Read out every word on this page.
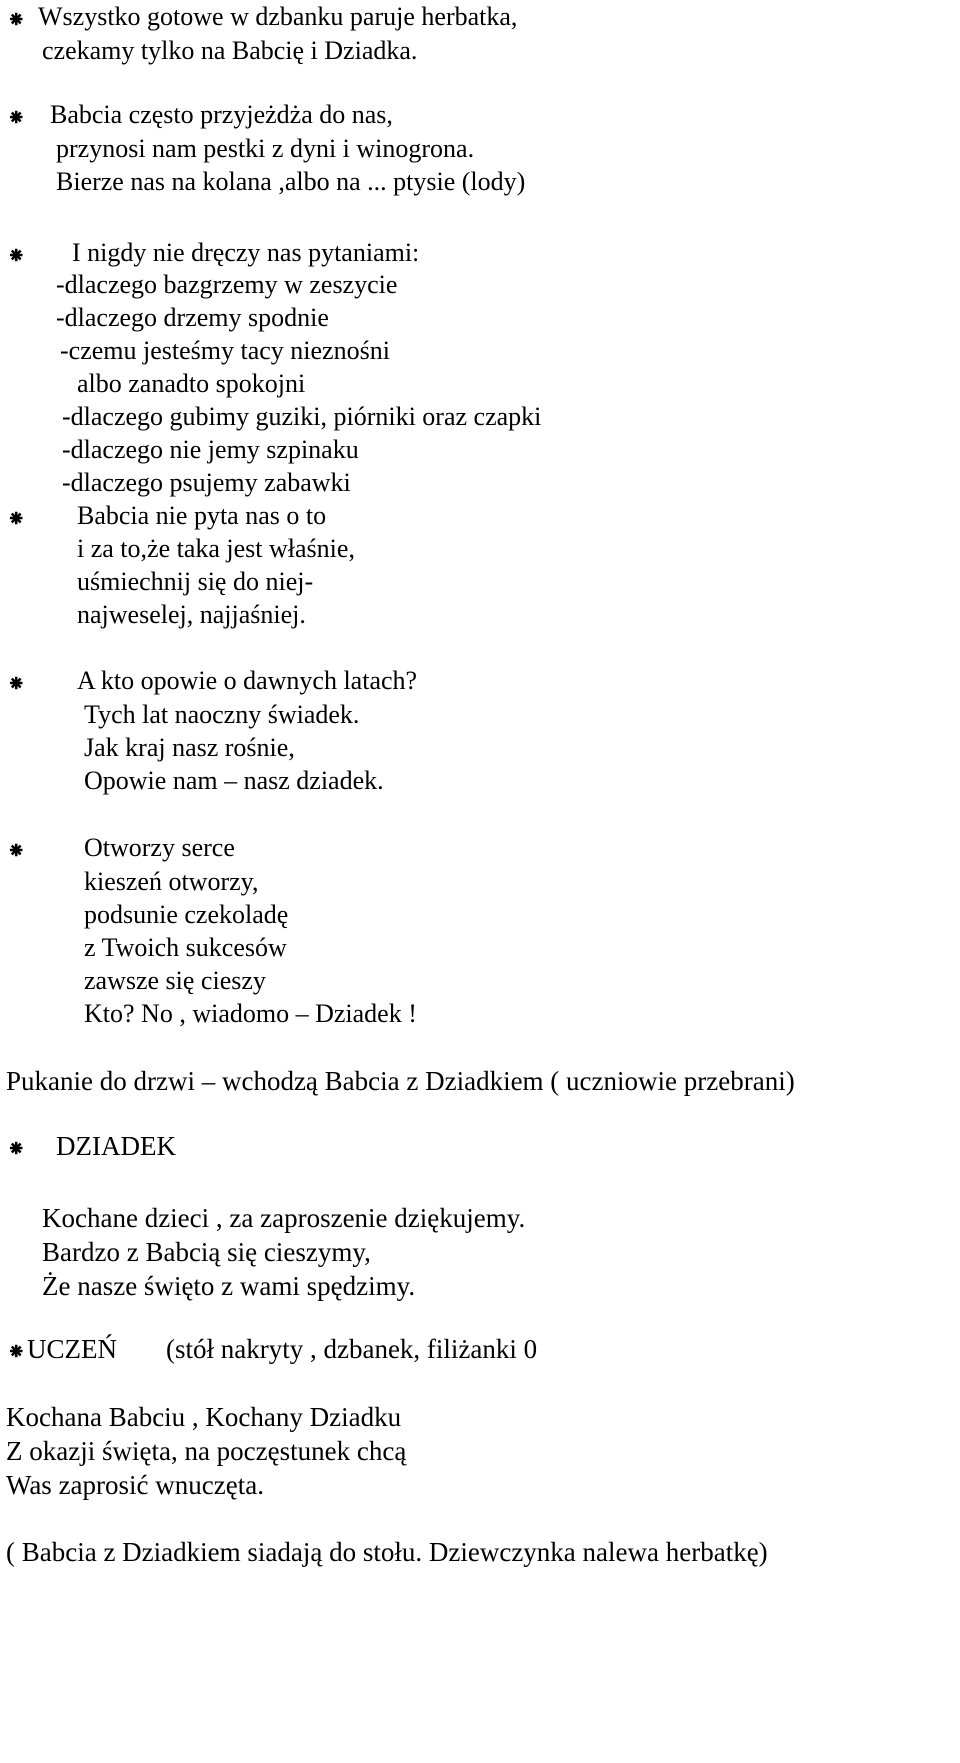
⁕ Wszystko gotowe w dzbanku paruje herbatka,
czekamy tylko na Babcię i Dziadka.
⁕ Babcia często przyjeżdża do nas,
przynosi nam pestki z dyni i winogrona.
Bierze nas na kolana ,albo na ... ptysie (lody)
⁕ I nigdy nie dręczy nas pytaniami:
-dlaczego bazgrzemy w zeszycie
-dlaczego drzemy spodnie
-czemu jesteśmy tacy nieznośni
albo zanadto spokojni
-dlaczego gubimy guziki, piórniki oraz czapki
-dlaczego nie jemy szpinaku
-dlaczego psujemy zabawki
⁕ Babcia nie pyta nas o to
i za to,że taka jest właśnie,
uśmiechnij się do niej-
najweselej, najjaśniej.
⁕ A kto opowie o dawnych latach?
Tych lat naoczny świadek.
Jak kraj nasz rośnie,
Opowie nam – nasz dziadek.
⁕ Otworzy serce
kieszeń otworzy,
podsunie czekoladę
z Twoich sukcesów
zawsze się cieszy
Kto? No , wiadomo – Dziadek !
Pukanie do drzwi – wchodzą Babcia z Dziadkiem ( uczniowie przebrani)
⁕ DZIADEK
Kochane dzieci , za zaproszenie dziękujemy.
Bardzo z Babcią się cieszymy,
Że nasze święto z wami spędzimy.
⁕ UCZEŃ (stół nakryty , dzbanek, filiżanki 0
Kochana Babciu , Kochany Dziadku
Z okazji święta, na poczęstunek chcą
Was zaprosić wnuczęta.
( Babcia z Dziadkiem siadają do stołu. Dziewczynka nalewa herbatkę)
